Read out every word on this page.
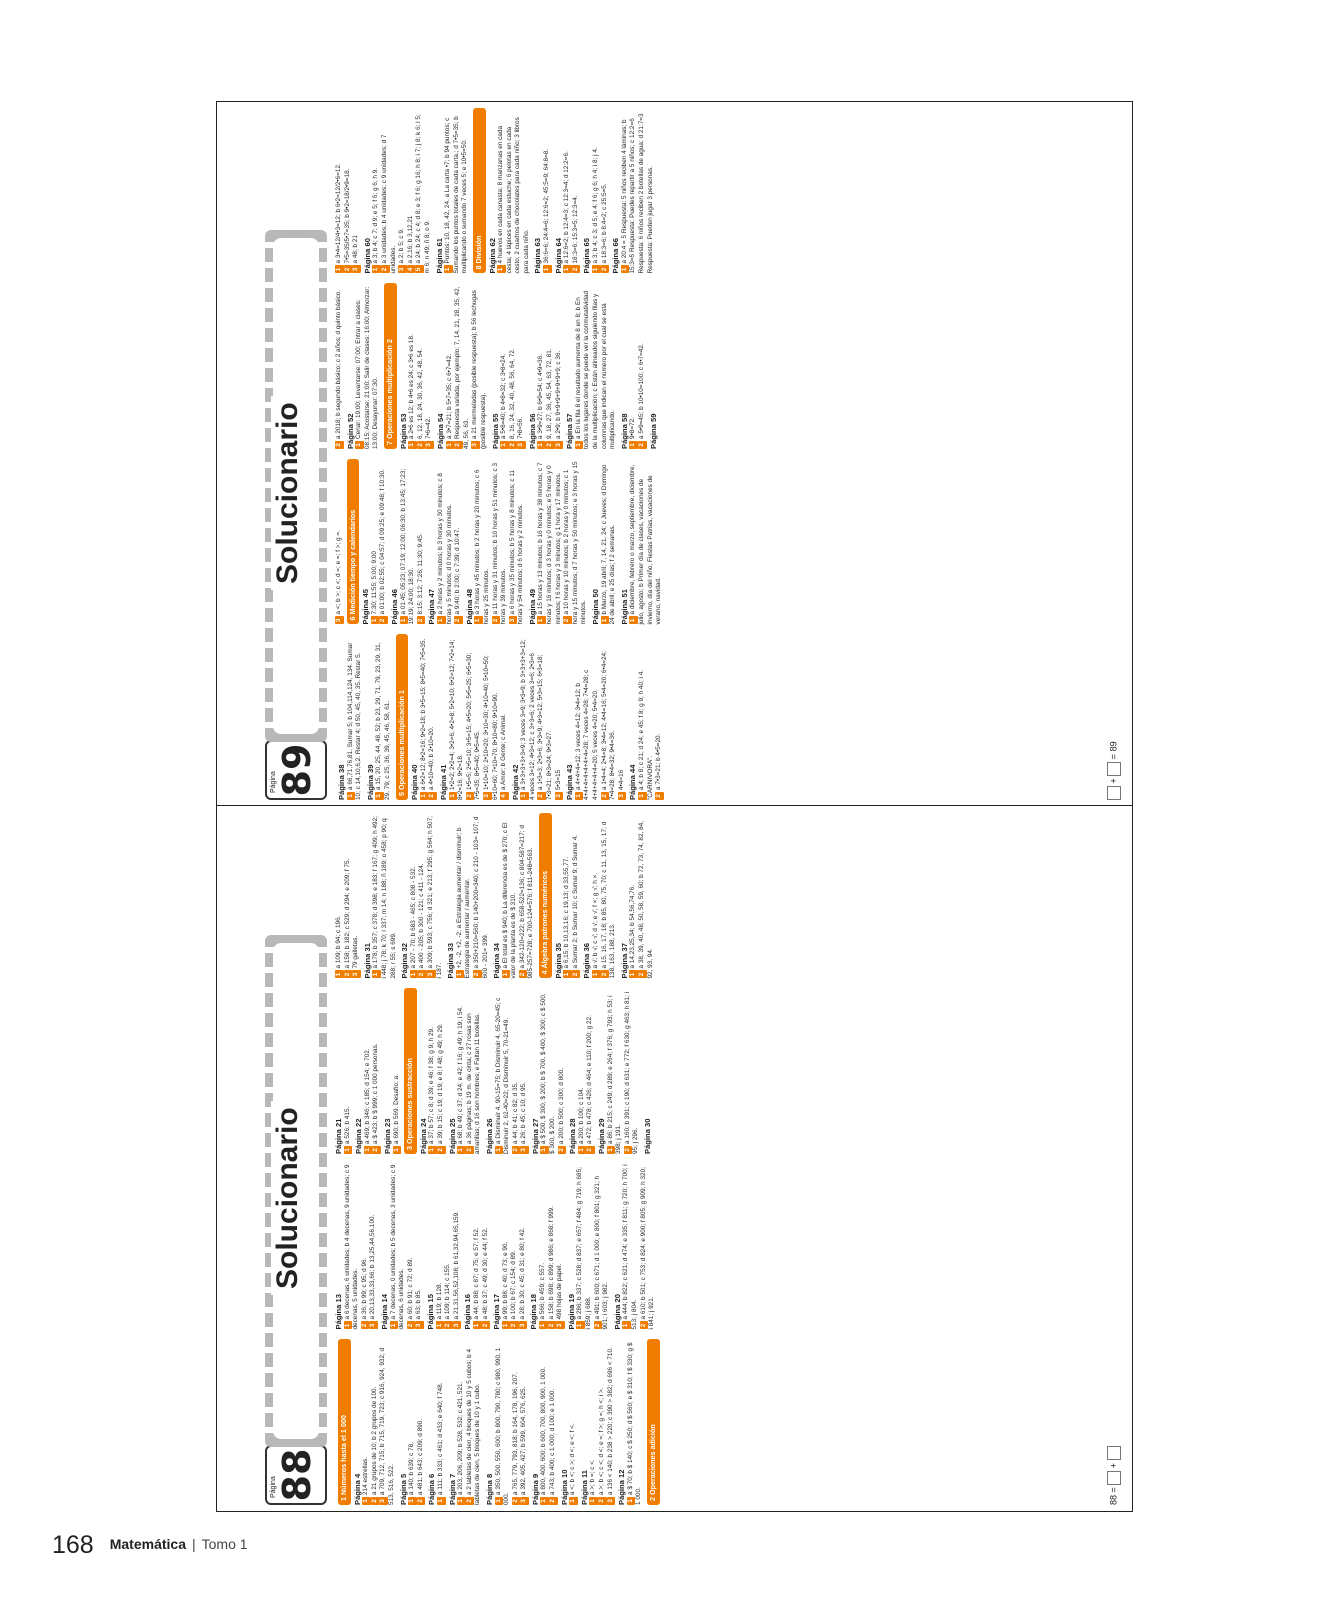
Página
89
Solucionario
Página 38 1a 66,71,76,81. Sumar 5; b 104,114,124, 134. Sumar 10; c 14,10,6,2. Restar 4; d 50, 45, 40, 35. Restar 5. Página 39 1a 15, 20, 25, 44, 48, 52; b 23, 29, 71, 79, 23, 29, 31, 29, 79; c 25, 36, 39, 45, 46, 58, 61. 5 Operaciones multiplicación 1 Página 40 1a 6•2=12; 8•2=16; 9•2=18; b 3•5=15; 8•5=40; 7•5=35.
2a 4•10=40; b 2•10=20. Página 41 11•2=2; 2•2=4; 3•2=6; 4•2=8; 5•2=10; 6•2=12; 7•2=14; 8•2=16; 9•2=18. 21•5=5; 2•5=10; 3•5=15; 4•5=20; 5•5=25; 6•5=30; 7•5=35; 8•5=40; 9•5=45. 31•10=10; 2•10=20; 3•10=30; 4•10=40; 5•10=50; 6•10=60; 7•10=70; 8•10=80; 9•10=90. 4a Amor; b Gente; c Animal. Página 42 1a 3+3+3+3+3=9; 3 veces 3=9; 3•3=9; b 3+3+3+3=12; 4 veces 3=12; 4•3=12; c 3+3=6; 2 veces 3=6; 2•3=6 2a 1•3=3; 2•3=6; 3•3=9; 4•3=12; 5•3=15; 6•3=18; 7•3=21; 8•3=24; 9•3=27. 35•3=15 Página 43 1a 4+4+4=12; 3 veces 4=12; 3•4=12; b 4+4+4+4+4+4+4=28; 7 veces 4=28; 7•4=28; c 4+4+4+4+4=20; 5 veces 4=20; 5•4=20. 2a 1•4=4; 2•4=8; 3•4=12; 4•4=16; 5•4=20; 6•4=24; 7•4=28; 8•4=32; 9•4=36. 34•4=16 Página 44 1a 4; b 8; c 21; d 24; e 45; f 8; g 9; h 40; i 4. "CARNIVORA". 2a 7•3=21; b 4•5=20.
3a <; b >; c <; d =; e =; f >; g =. 6 Medición tiempo y calendarios Página 45 17:30; 11:55; 5:00; 9:00
2a 01:00; b 02:55; c 04:57; d 09:25; e 09:48; f 10:30. Página 46 1a 01:45; 05:23; 07:19; 12:00; 06:30; b 13:45; 17:23; 19:19; 24:00; 18:30. 28:15; 3:12; 7:26; 11:30; 9:45. Página 47 1a 2 horas y 2 minutos; b 3 horas y 30 minutos; c 8 horas y 5 minutos; d 0 horas y 30 minutos. 2a 9:40; b 2:00; c 7:39; d 10:47. Página 48 1a 3 horas y 45 minutos; b 2 horas y 20 minutos; c 6 horas y 25 minutos. 2a 11 horas y 31 minutos; b 10 horas y 51 minutos; c 3 horas y 39 minutos. 3a 6 horas y 35 minutos; b 5 horas y 8 minutos; c 11 horas y 54 minutos; d 6 horas y 2 minutos. Página 49 1a 15 horas y 13 minutos; b 16 horas y 38 minutos; c 7 horas y 16 minutos; d 3 horas y 0 minutos; e 5 horas y 0 minutos; f 6 horas y 3 minutos; g 1 hora y 17 minutos. 2a 10 horas y 10 minutos; b 2 horas y 0 minutos; c 1 hora y 15 minutos; d 7 horas y 50 minutos; e 3 horas y 15 minutos. Página 50 1b Marzo, 19 abril; 7, 14, 21, 24; c Jueves; d Domingo 24 de abril; e 25 días; f 2 semanas. Página 51 1a diciembre, febrero o marzo, septiembre, diciembre, julio, agosto; b Primer día de clases, vacaciones de invierno, día del niño, Fiestas Patrias, vacaciones de verano, navidad.
2a 2018; b segundo básico; c 2 años; d quinto básico. Página 52 1Cenar: 19:00; Levantarse: 07:00; Entrar a clases: 08:15; Acostarse: 21:00; Salir de clases: 16:00; Almorzar: 13:00; Desayunar: 07:30. 7 Operaciones multiplicación 2 Página 53 1a 2•6 es 12; b 4•6 es 24; c 3•6 es 18.
26, 12, 18, 24, 30, 36, 42, 48, 54.
37•6=42. Página 54 1a 3•7=21; b 5•7=35; c 6•7=42.
2Respuesta variada, por ejemplo: 7, 14, 21, 28, 35, 42, 49, 56, 63. 3a 21 mermeladas (posible respuesta); b 56 lechugas (posible respuesta). Página 55 1a 5•8=40; b 4•8=32; c 3•8=24.
28, 16, 24, 32, 40, 48, 56, 64, 72.
37•8=56. Página 56 1a 3•9=27; b 6•9=54; c 4•9=36.
29, 18, 27, 36, 45, 54, 63, 72, 81.
3a 2•9; b 9+9+9+9+9+9+9; c 36. Página 57 1a En la fila 8 el resultado aumenta de 8 en 8; b En todos los lugares donde se puede ver la conmutatividad de la multiplicación; c Están alineados siguiendo filas y columnas que indican el número por el cual se está multiplicando. Página 58 19•8=72.
2a 5•9=45; b 10•10=100; c 6•7=42. Página 59
1a 3•4=12/4•3=12; b 6•2=12/2•6=12.
27•5=35/5•7=35; b 9•2=18/2•9=18.
3a 48; b 21 Página 60 1a 3; b 4; c 7; d 9; e 5; f 6; g 6; h 9.
2a 3 unidades; b 4 unidades; c 9 unidades; d 7 unidades. 3a 2; b 5; c 9.
4a 2,16; b 3,12,21
5a 24; b 24; c 4; d 8; e 3; f 6; g 16; h 8; i 7; j 8; k 6; l 5; m 6; n 49; ñ 8; o 9. Página 61 1Puntos: 10, 18, 42, 24. a La carta •7; b 94 puntos; c Sumando los puntos totales de cada carta.; d 7•5=35; b multiplicando o sumando 7 veces 5; e 10•5=50. 8 División Página 62 14 huevos en cada canasta; 8 manzanas en cada cesta; 4 lápices en cada estuche; 6 pelotas en cada cesto; 2 cuadros de chocolates para cada niño; 3 libros para cada niño. Página 63 136:6=6; 24:4=6; 12:6=2; 45:5=9; 64:8=8. Página 64 1a 12:6=2; b 12:4=3; c 12:3=4; d 12:2=6.
218:3=6; 15:3=5; 12:3=4. Página 65 1a 3; b 4; c 3; d 5; e 4; f 6; g 6; h 4; i 8; j 4.
2a 18:3=6; b 8:4=2; c 25:5=5. Página 66 1a 20:4 = 5 Respuesta: 5 niños reciben 4 láminas; b 15:3=5 Respuesta: Puedes repartir a 5 niños; c 12:2=6 Respuesta: 6 niños reciben 2 botellas de agua; d 21:7=3 Respuesta: Pueden jugar 3 personas.
+  = 89
Página
88
Solucionario
1 Números hasta el 1 000 Página 4 1214 estrellas.
2a 21 grupos de 10; b 2 grupos de 100.
3a 709, 712, 715; b 715, 719, 723; c 916, 924, 932; d 513, 516, 522. Página 5 1a 140; b 639; c 78.
2a 481; b 643; c 209; d 890. Página 6 1a 111; b 333; c 461; d 433; e 640; f 748. Página 7 1a 203, 206, 209; b 528, 532; c 421, 521.
2a 2 tabletas de cien, 4 bloques de 10 y 5 cubos; b 4 tabletas de cien, 5 bloques de 10 y 1 cubo. Página 8 1a 350, 500, 550, 600; b 800, 790, 780; c 980, 990, 1 000. 2a 765, 779, 793, 818; b 164, 178, 196, 207.
3a 392, 405, 427; b 599, 604, 576, 625. Página 9 1a 800, 400, 600; b 600, 700, 800, 900, 1 000.
2a 743; b 400; c 1 000; d 100; e 1 000. Página 10 1a <; b <; c >; d <; e <; f <. Página 11 1a >; b =; c <.
2a >; b <; c <; d <; e =; f >; g =; h <; i >.
3a 136 < 140; b 238 > 220; c 390 > 382; d 696 < 710. Página 12 1a $ 70; b $ 140; c $ 250; d $ 560; e $ 310; f $ 330; g $ 1 000. 2 Operaciones adición
Página 13 1a 6 decenas, 6 unidades; b 4 decenas, 9 unidades; c 9 decenas, 5 unidades. 2a 36; b 99; c 95; d 96.
3a 20,13,33,33,66; b 13,25,44,56,100. Página 14 1a 7 decenas, 0 unidades; b 5 decenas, 3 unidades; c 9 decenas, 6 unidades. 2a 60; b 91; c 72; d 89.
3a 63; b 85. Página 15 1a 119; b 128.
2a 109; b 114; c 155.
3a 21,31,56,52,108; b 61,32,94,65,159. Página 16 1a 44; b 88; c 87; d 75; e 57; f 52.
2a 48; b 37; c 49; d 30; e 44; f 52. Página 17 1a 99; b 88; c 40; d 73; e 90.
2a 100; b 67; c 154; d 89.
3a 28; b 30; c 45; d 31; e 80; f 42. Página 18 1a 566; b 459; c 557.
2a 158; b 698; c 899; d 986; e 868; f 999.
3498 hojas de papel. Página 19 1a 286; b 337; c 528; d 837; e 657; f 484; g 719; h 685; i 859; j 688. 2a 491; b 600; c 671; d 1 000; e 800; f 801; g 321; h 901; i 603; j 982. Página 20 1a 444; b 822; c 621; d 474; e 335; f 811; g 720; h 700; i 513; j 804. 2a 610; b 501; c 753; d 824; e 900; f 805; g 909; h 320; i 841; j 921.
Página 21 1a 526; b 415. Página 22 1a 469; b 346; c 185; d 154; e 702.
2a $ 423; b $ 999; c 1 000 personas. Página 23 1a 690; b 569. Desafío: a. 3 Operaciones sustracción Página 24 1a 37; b 57; c 8; d 39; e 46; f 38; g 9; h 29.
2a 39; b 15; c 19; d 19; e 8; f 48; g 49; h 29. Página 25 1a 68; b 49; c 37; d 24; e 42; f 16; g 49; h 19; i 54.
2a 36 páginas; b 19 m. de cinta; c 27 rosas son amarillas; d 16 son hombres; e Faltan 11 botellas. Página 26 1a Disminuir 4, 90-15=75; b Disminuir 4, 65-20=45; c Disminuir 2, 62-40=22; d Disminuir 5, 70-21=49. 2a 44; b 41; c 82; d 35.
3a 26; b 45; c 10; d 95. Página 27 1a $ 500, $ 300, $ 200; b $ 700, $ 400, $ 300; c $ 500, $ 300, $ 200. 2a 200; b 500; c 300; d 800. Página 28 1a 200; b 100; c 104.
2a 472; b 478; c 426; d 464; e 110; f 200; g 22. Página 29 1a 86; b 215; c 249; d 289; e 264; f 376; g 793; h 53; i 398; j 191. 2a 160; b 391; c 190; d 631; e 772; f 630; g 463; h 81; i 95; j 296. Página 30
1a 109; b 94; c 196.
2a 158; b 182; c 529; d 294; e 209; f 75.
379 galletas. Página 31 1a 178; b 357; c 378; d 398; e 183; f 167; g 409; h 492; i 448; j 78; k 70; l 337; m 14; n 188; ñ 189; o 458; p 90; q 288; r 55; s 699. Página 32 1a 207 - 70; b 683 - 465; c 808 - 532.
2a 400 - 205; b 300 - 121; c 411 - 124.
3a 309; b 593; c 756; d 321; e 213; f 295; g 564; h 507; i 187. Página 33 1+2, -2, +2, -2; a Estrategia aumentar / disminuir; b Estrategia de aumentar / aumentar. 2a 350+210=560; b 140+200=340; c 210 - 103= 107; d 600 - 201= 399. Página 34 1a El total es $ 940; b La diferencia es de $ 270; c El valor de la planta es de $ 310. 2a 342-120=222; b 658-522=136; c 804-587=217; d 985-257=728; e 700-124=576; f 811-248=563. 4 Álgebra patrones numéricos Página 35 1a 6,15; b 10,13,16; c 19,13; d 33,55,77.
2a Sumar 2; b Sumar 10; c Sumar 9; d Sumar 4. Página 36 1a √; b √; c √; d √; e √; f ×; g √; h ×.
2a 15, 16, 17, 18; b 85, 80, 75, 70; c 11, 13, 15, 17; d 138, 163, 188, 213. Página 37 1a 14,23,25,34; b 54,56,74,76.
2a 38, 39, 40, 48, 50, 58, 59, 60; b 72, 73, 74, 82, 84, 92, 93, 94.
88 =  +
168 Matemática | Tomo 1
